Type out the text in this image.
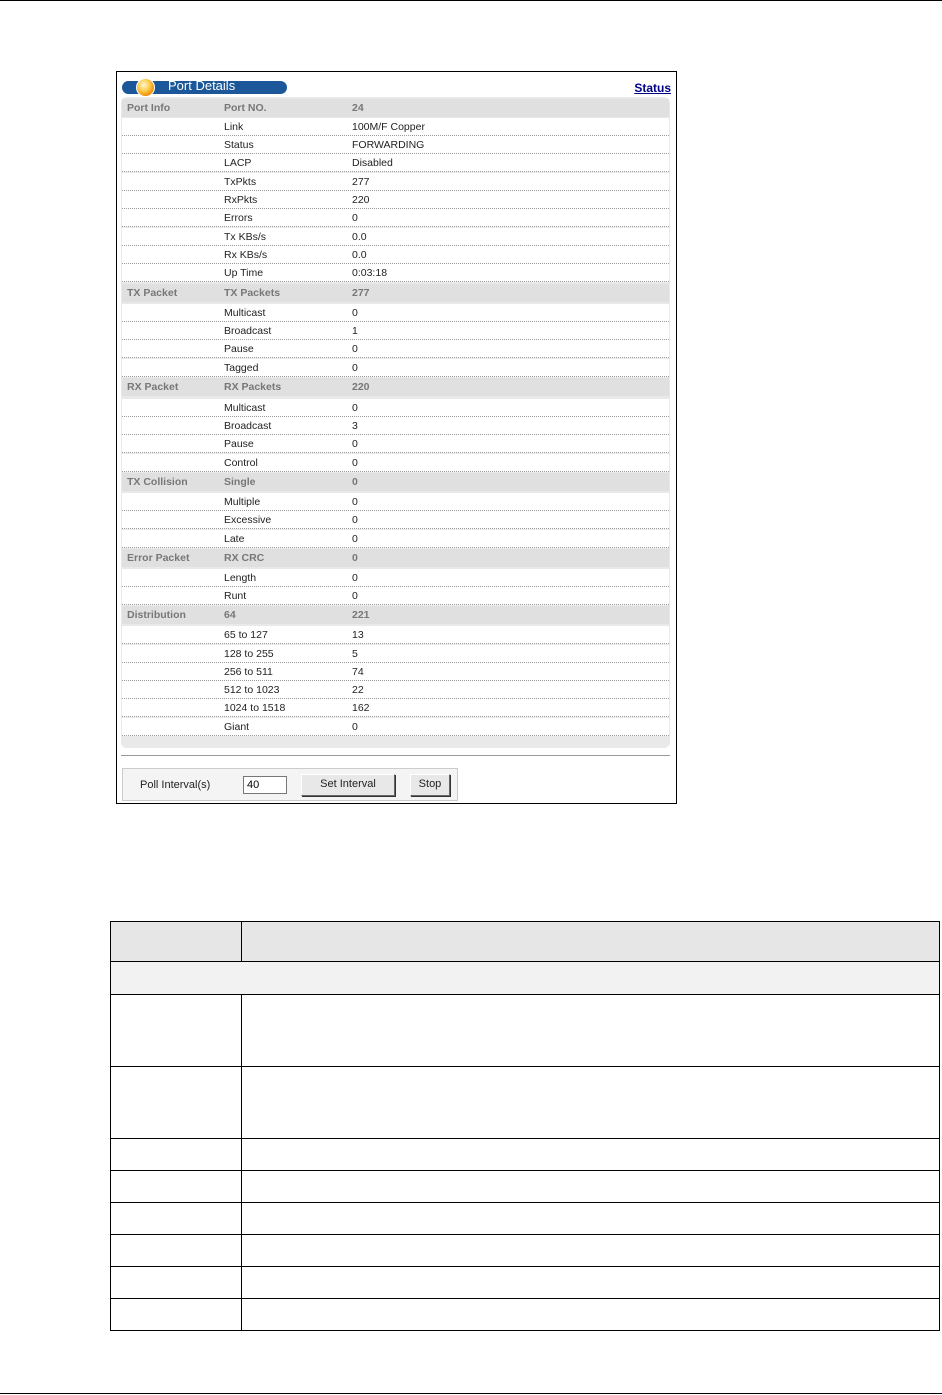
Port Details	Status
Port Info	Port NO.	24
Link	100M/F Copper
Status	FORWARDING
LACP	Disabled
TxPkts	277
RxPkts	220
Errors	0
Tx KBs/s	0.0
Rx KBs/s	0.0
Up Time	0:03:18
TX Packet	TX Packets	277
Multicast	0
Broadcast	1
Pause	0
Tagged	0
RX Packet	RX Packets	220
Multicast	0
Broadcast	3
Pause	0
Control	0
TX Collision	Single	0
Multiple	0
Excessive	0
Late	0
Error Packet	RX CRC	0
Length	0
Runt	0
Distribution	64	221
65 to 127	13
128 to 255	5
256 to 511	74
512 to 1023	22
1024 to 1518	162
Giant	0
Poll Interval(s)
40	Set Interval	Stop
